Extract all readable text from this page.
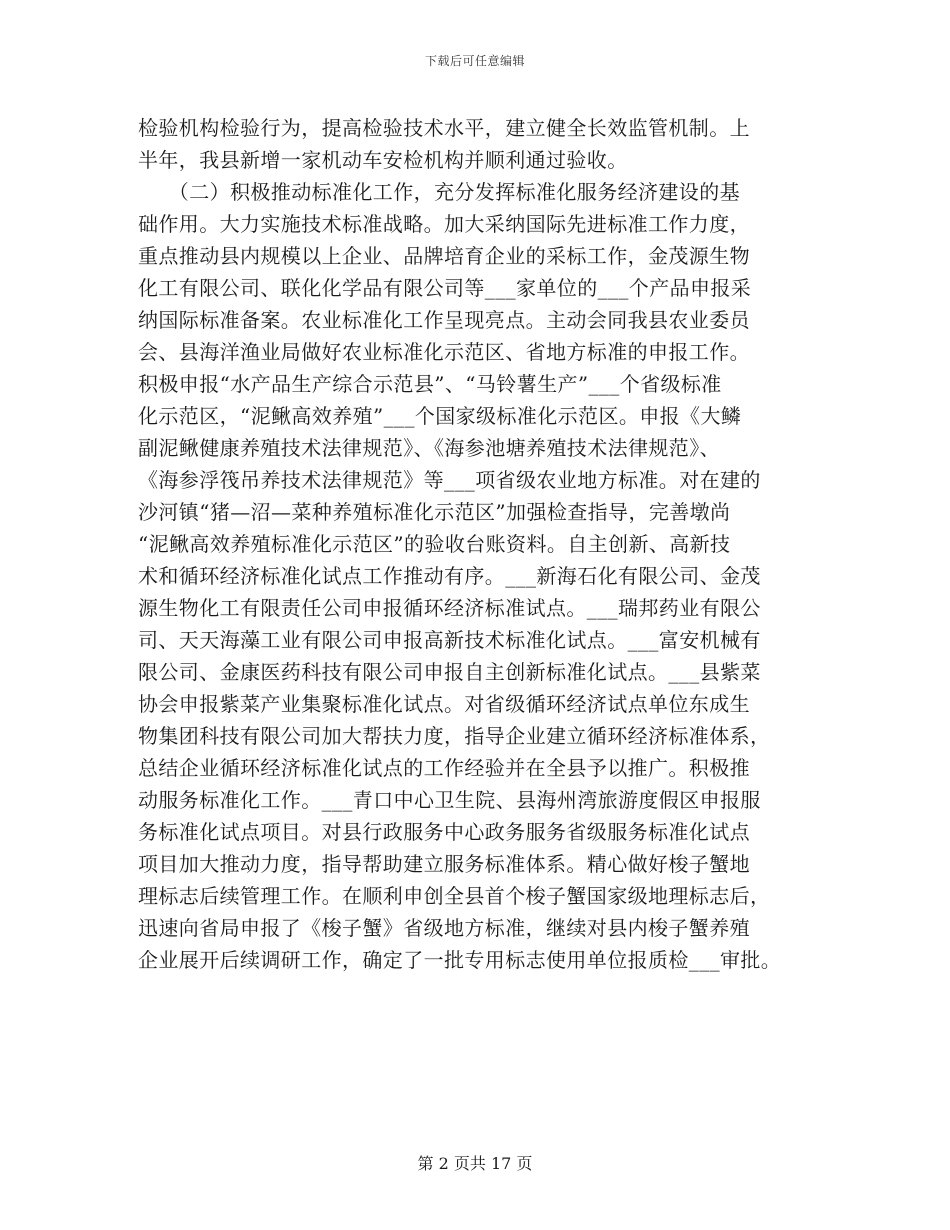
下载后可任意编辑
检验机构检验行为，提高检验技术水平，建立健全长效监管机制。上
半年，我县新增一家机动车安检机构并顺利通过验收。
　　（二）积极推动标准化工作，充分发挥标准化服务经济建设的基
础作用。大力实施技术标准战略。加大采纳国际先进标准工作力度，
重点推动县内规模以上企业、品牌培育企业的采标工作，金茂源生物
化工有限公司、联化化学品有限公司等___家单位的___个产品申报采
纳国际标准备案。农业标准化工作呈现亮点。主动会同我县农业委员
会、县海洋渔业局做好农业标准化示范区、省地方标准的申报工作。
积极申报“水产品生产综合示范县”、“马铃薯生产”___个省级标准
化示范区，“泥鳅高效养殖”___个国家级标准化示范区。申报《大鳞
副泥鳅健康养殖技术法律规范》、《海参池塘养殖技术法律规范》、
《海参浮筏吊养技术法律规范》等___项省级农业地方标准。对在建的
沙河镇“猪—沼—菜种养殖标准化示范区”加强检查指导，完善墩尚
“泥鳅高效养殖标准化示范区”的验收台账资料。自主创新、高新技
术和循环经济标准化试点工作推动有序。___新海石化有限公司、金茂
源生物化工有限责任公司申报循环经济标准试点。___瑞邦药业有限公
司、天天海藻工业有限公司申报高新技术标准化试点。___富安机械有
限公司、金康医药科技有限公司申报自主创新标准化试点。___县紫菜
协会申报紫菜产业集聚标准化试点。对省级循环经济试点单位东成生
物集团科技有限公司加大帮扶力度，指导企业建立循环经济标准体系，
总结企业循环经济标准化试点的工作经验并在全县予以推广。积极推
动服务标准化工作。___青口中心卫生院、县海州湾旅游度假区申报服
务标准化试点项目。对县行政服务中心政务服务省级服务标准化试点
项目加大推动力度，指导帮助建立服务标准体系。精心做好梭子蟹地
理标志后续管理工作。在顺利申创全县首个梭子蟹国家级地理标志后，
迅速向省局申报了《梭子蟹》省级地方标准，继续对县内梭子蟹养殖
企业展开后续调研工作，确定了一批专用标志使用单位报质检___审批。
第 2 页共 17 页
